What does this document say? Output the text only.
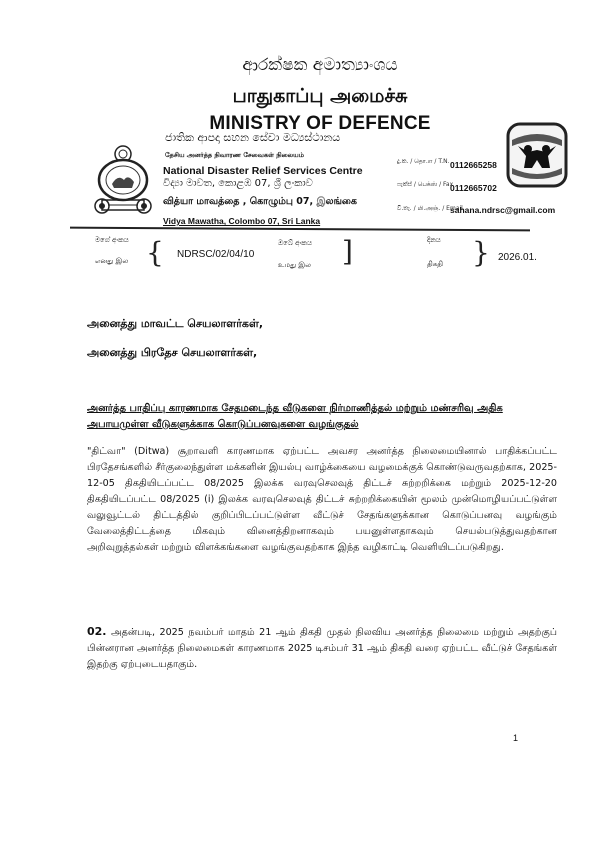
ආරක්ෂක අමාත්‍යාංශය
பாதுகாப்பு அமைச்சு
MINISTRY OF DEFENCE
ජාතික ආපදා සහන සේවා මධ්‍යස්ථානය
தேசிய அனர்த்த நிவாரண சேவைகள் நிலையம்
National Disaster Relief Services Centre
විද්‍යා මාවත, කොළඹ 07, ශ්‍රී ලංකාව
வித்யா மாவத்தை , கொழும்பு 07, இலங்கை
Vidya Mawatha, Colombo 07, Sri Lanka
දු.ක. / தொ.எ / T.N. 0112665258
ෆැක්ස් / பெக்ஸ் / Fax
0112665702
වි.තැ. / மி.அஞ். / Email
sahana.ndrsc@gmail.com
මගේ අංකය
எனது இல { NDRSC/02/04/10
ඔබේ අංකය
உமது இல ]	දිනය
திகதி } 2026.01.
அனைத்து மாவட்ட செயலாளர்கள்,
அனைத்து பிரதேச செயலாளர்கள்,
அனர்த்த பாதிப்பு காரணமாக சேதமடைந்த வீடுகளை நிர்மாணித்தல் மற்றும் மண்சரிவு அதிக அபாயமுள்ள வீடுகளுக்காக கொடுப்பனவுகளை வழங்குதல்
"திட்வா" (Ditwa) சூறாவளி காரணமாக ஏற்பட்ட அவசர அனர்த்த நிலைமையினால் பாதிக்கப்பட்ட பிரதேசங்களில் சீர்குலைந்துள்ள மக்களின் இயல்பு வாழ்க்கையை வழமைக்குக் கொண்டுவருவதற்காக, 2025-12-05 திகதியிடப்பட்ட 08/2025 இலக்க வரவுசெலவுத் திட்டச் சுற்றறிக்கை மற்றும் 2025-12-20 திகதியிடப்பட்ட 08/2025 (i) இலக்க வரவுசெலவுத் திட்டச் சுற்றறிக்கையின் மூலம் முன்மொழியப்பட்டுள்ள வலுவூட்டல் திட்டத்தில் குறிப்பிடப்பட்டுள்ள வீட்டுச் சேதங்களுக்கான கொடுப்பனவு வழங்கும் வேலைத்திட்டத்தை மிகவும் வினைத்திறனாகவும் பயனுள்ளதாகவும் செயல்படுத்துவதற்கான அறிவுறுத்தல்கள் மற்றும் விளக்கங்களை வழங்குவதற்காக இந்த வழிகாட்டி வெளியிடப்படுகிறது.
02. அதன்படி, 2025 நவம்பர் மாதம் 21 ஆம் திகதி முதல் நிலவிய அனர்த்த நிலைமை மற்றும் அதற்குப் பின்னரான அனர்த்த நிலைமைகள் காரணமாக 2025 டிசம்பர் 31 ஆம் திகதி வரை ஏற்பட்ட வீட்டுச் சேதங்கள் இதற்கு ஏற்புடையதாகும்.
1
